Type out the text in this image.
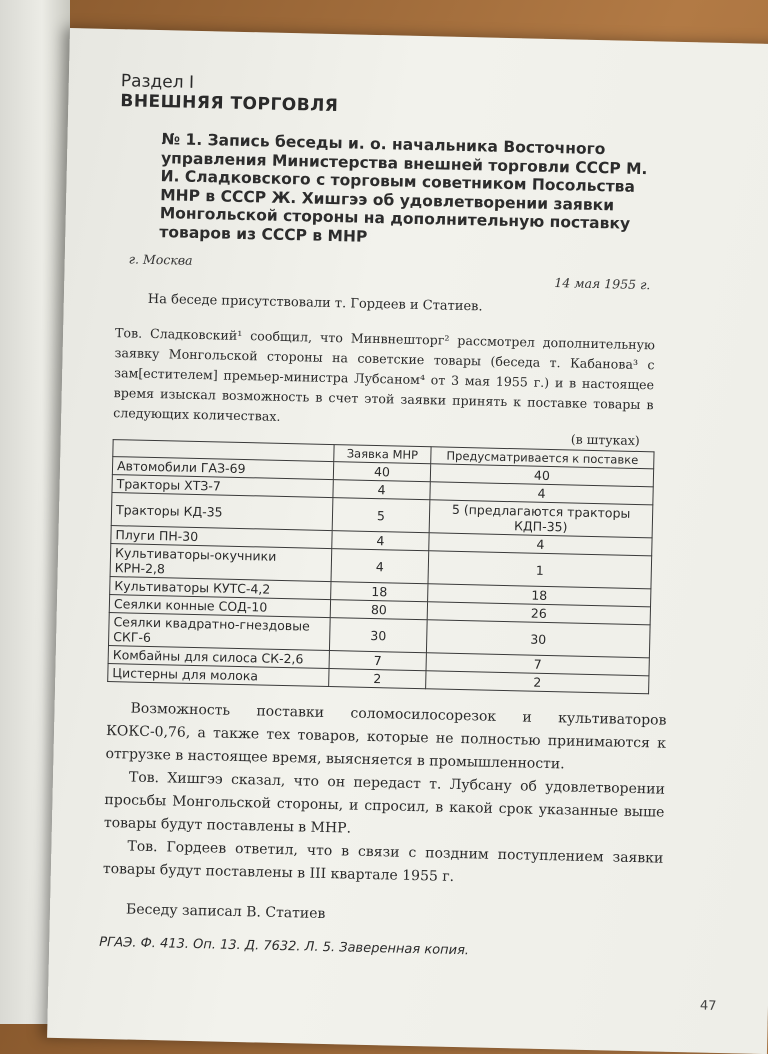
Раздел I
ВНЕШНЯЯ ТОРГОВЛЯ
№ 1. Запись беседы и. о. начальника Восточного управления Министерства внешней торговли СССР М. И. Сладковского с торговым советником Посольства МНР в СССР Ж. Хишгээ об удовлетворении заявки Монгольской стороны на дополнительную поставку товаров из СССР в МНР
г. Москва
14 мая 1955 г.
На беседе присутствовали т. Гордеев и Статиев.
Тов. Сладковский¹ сообщил, что Минвнешторг² рассмотрел дополнительную заявку Монгольской стороны на советские товары (беседа т. Кабанова³ с зам[естителем] премьер-министра Лубсаном⁴ от 3 мая 1955 г.) и в настоящее время изыскал возможность в счет этой заявки принять к поставке товары в следующих количествах.
(в штуках)
	Заявка МНР	Предусматривается к поставке
Автомобили ГАЗ-69	40	40
Тракторы ХТЗ-7	4	4
Тракторы КД-35	5	5 (предлагаются тракторы КДП-35)
Плуги ПН-30	4	4
Культиваторы-окучники КРН-2,8	4	1
Культиваторы КУТС-4,2	18	18
Сеялки конные СОД-10	80	26
Сеялки квадратно-гнездовые СКГ-6	30	30
Комбайны для силоса СК-2,6	7	7
Цистерны для молока	2	2

Возможность поставки соломосилосорезок и культиваторов КОКС-0,76, а также тех товаров, которые не полностью принимаются к отгрузке в настоящее время, выясняется в промышленности.

Тов. Хишгээ сказал, что он передаст т. Лубсану об удовлетворении просьбы Монгольской стороны, и спросил, в какой срок указанные выше товары будут поставлены в МНР.

Тов. Гордеев ответил, что в связи с поздним поступлением заявки товары будут поставлены в III квартале 1955 г.

Беседу записал В. Статиев
РГАЭ. Ф. 413. Оп. 13. Д. 7632. Л. 5. Заверенная копия.
47
